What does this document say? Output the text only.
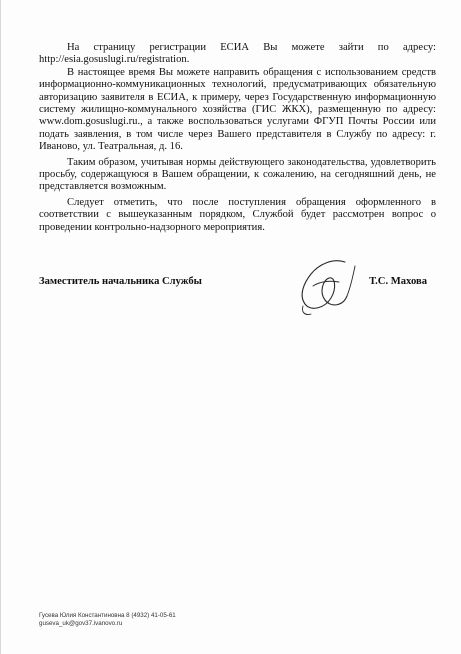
На страницу регистрации ЕСИА Вы можете зайти по адресу: http://esia.gosuslugi.ru/registration.

В настоящее время Вы можете направить обращения с использованием средств информационно-коммуникационных технологий, предусматривающих обязательную авторизацию заявителя в ЕСИА, к примеру, через Государственную информационную систему жилищно-коммунального хозяйства (ГИС ЖКХ), размещенную по адресу: www.dom.gosuslugi.ru., а также воспользоваться услугами ФГУП Почты России или подать заявления, в том числе через Вашего представителя в Службу по адресу: г. Иваново, ул. Театральная, д. 16.

Таким образом, учитывая нормы действующего законодательства, удовлетворить просьбу, содержащуюся в Вашем обращении, к сожалению, на сегодняшний день, не представляется возможным.

Следует отметить, что после поступления обращения оформленного в соответствии с вышеуказанным порядком, Службой будет рассмотрен вопрос о проведении контрольно-надзорного мероприятия.

Заместитель начальника Службы	Т.С. Махова
Гусева Юлия Константиновна 8 (4932) 41-05-61
guseva_uk@gov37.ivanovo.ru
